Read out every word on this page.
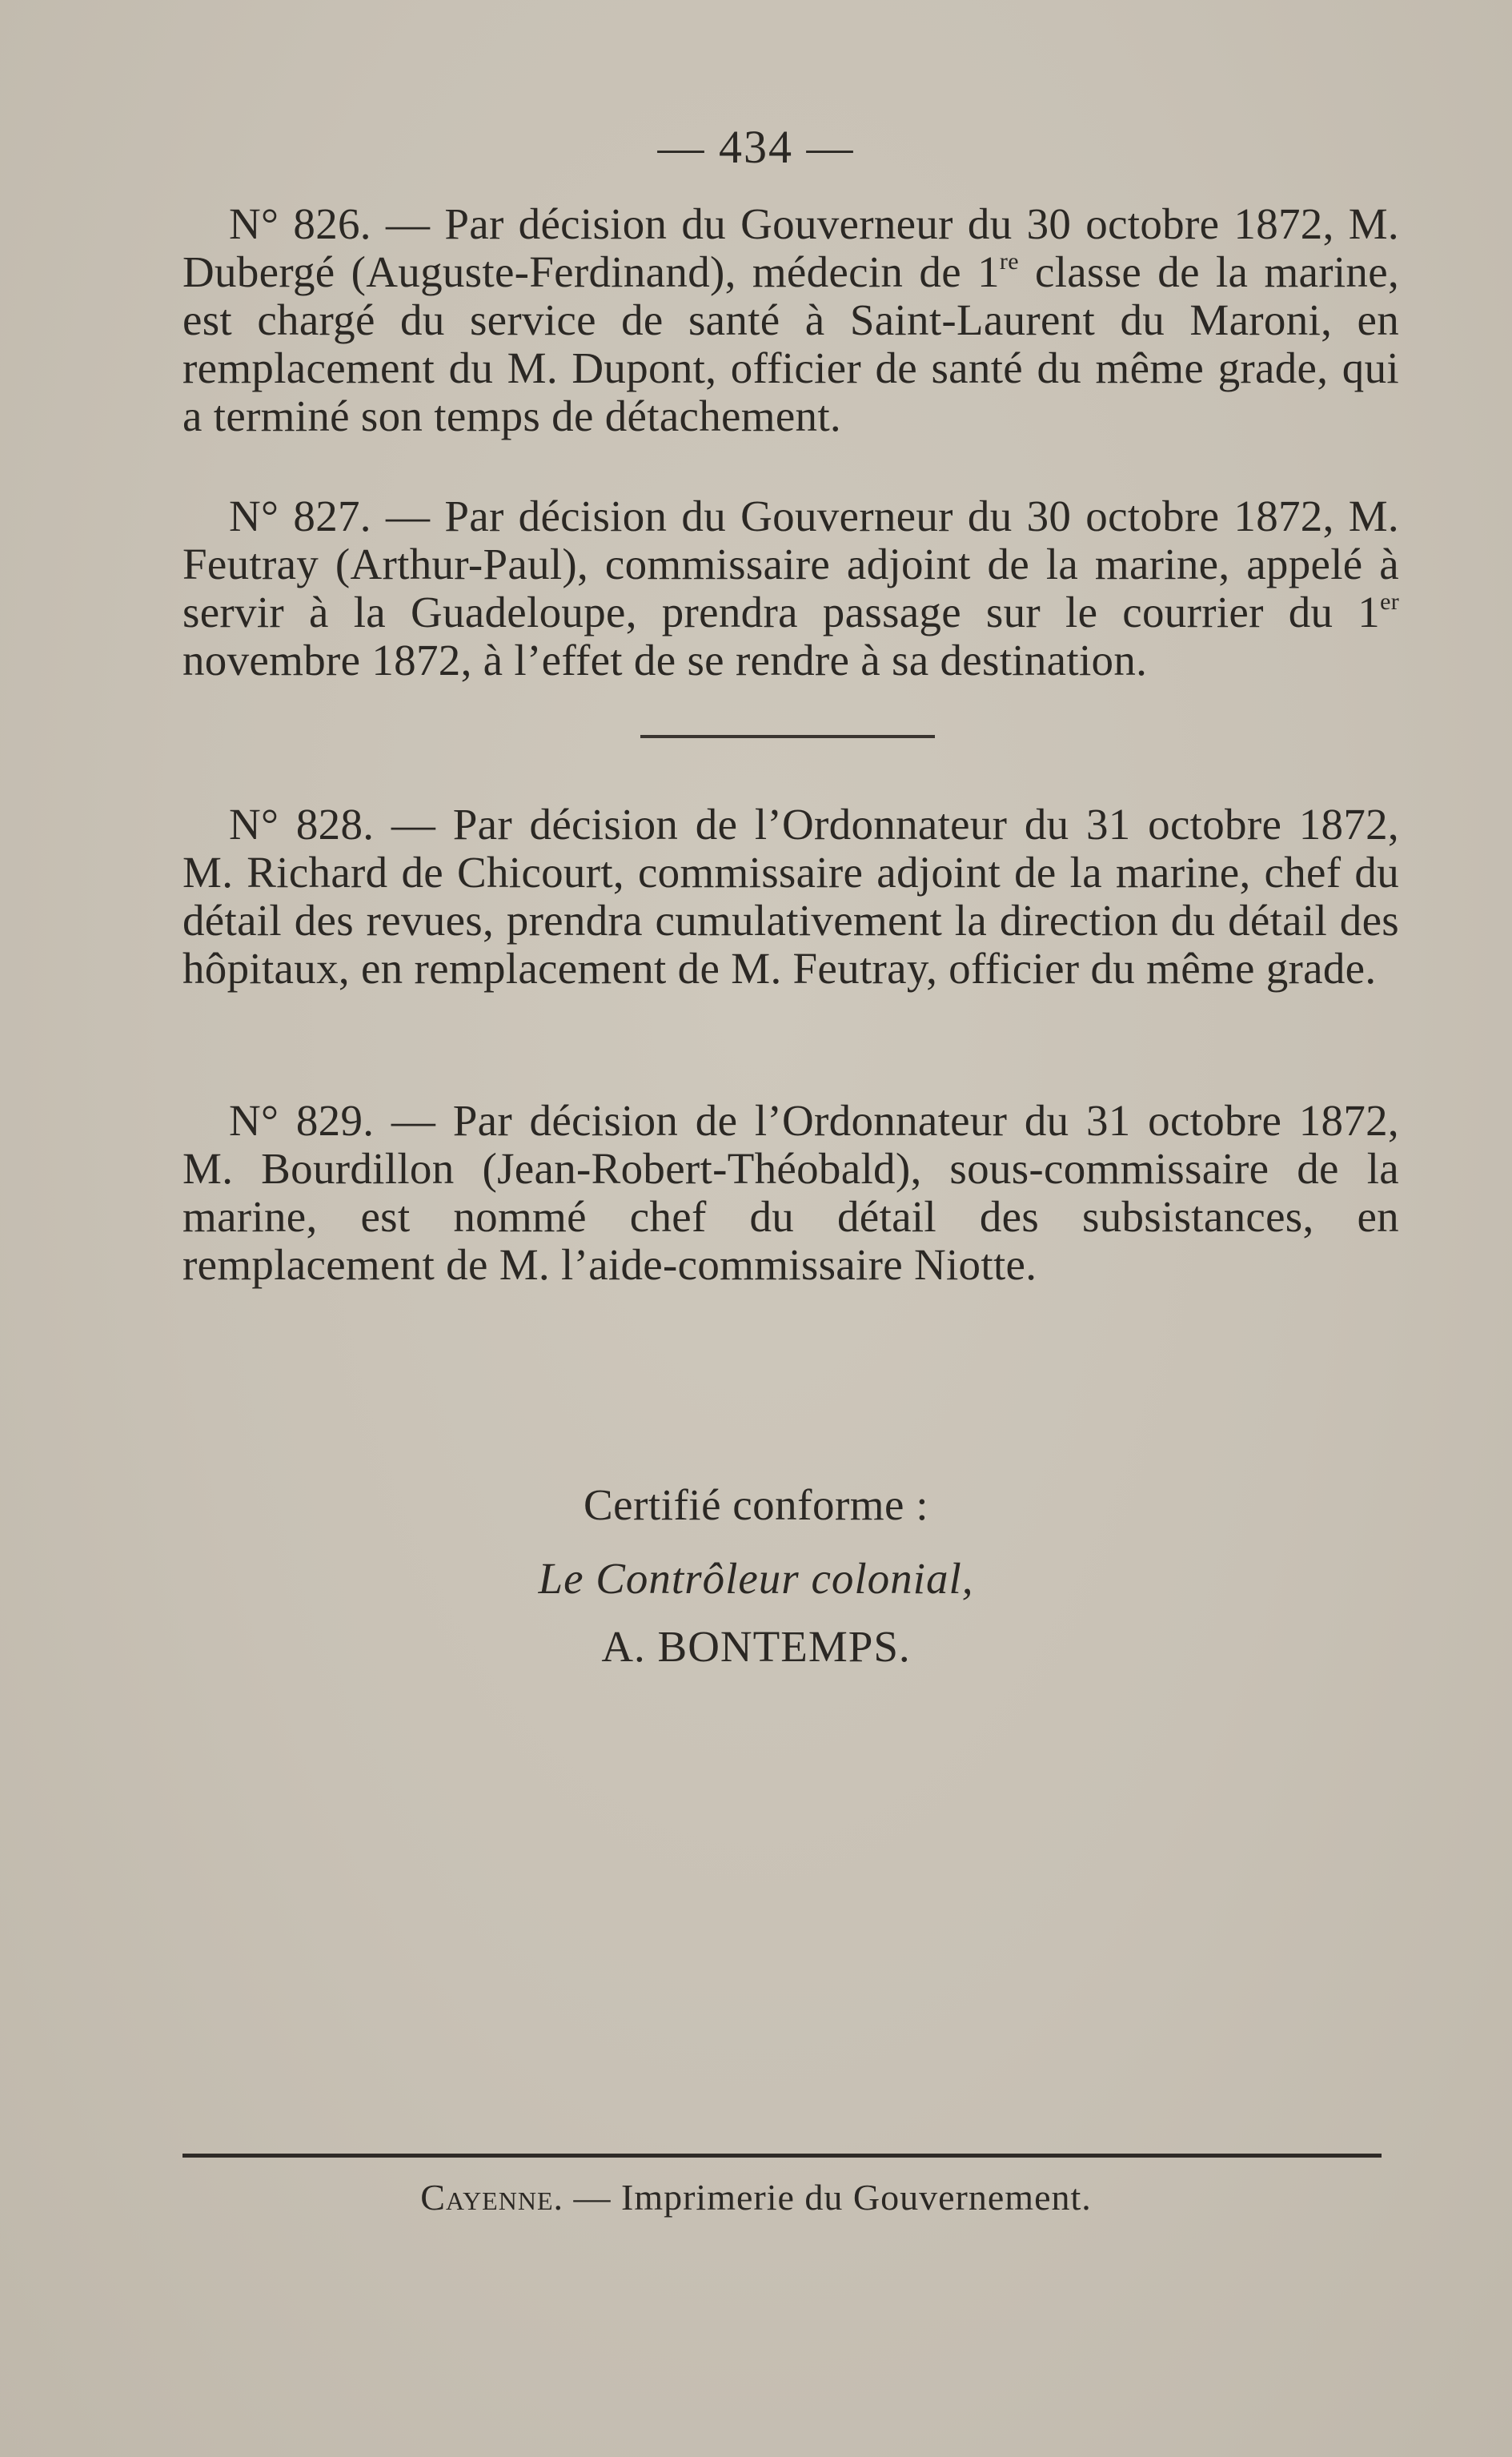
— 434 —

N° 826. — Par décision du Gouverneur du 30 octobre 1872, M. Dubergé (Auguste-Ferdinand), médecin de 1re classe de la marine, est chargé du service de santé à Saint-Laurent du Maroni, en remplacement du M. Dupont, officier de santé du même grade, qui a terminé son temps de détachement.

N° 827. — Par décision du Gouverneur du 30 octobre 1872, M. Feutray (Arthur-Paul), commissaire adjoint de la marine, appelé à servir à la Guadeloupe, prendra passage sur le courrier du 1er novembre 1872, à l’effet de se rendre à sa destination.

N° 828. — Par décision de l’Ordonnateur du 31 octobre 1872, M. Richard de Chicourt, commissaire adjoint de la marine, chef du détail des revues, prendra cumulativement la direction du détail des hôpitaux, en remplacement de M. Feutray, officier du même grade.

N° 829. — Par décision de l’Ordonnateur du 31 octobre 1872, M. Bourdillon (Jean-Robert-Théobald), sous-commissaire de la marine, est nommé chef du détail des subsistances, en remplacement de M. l’aide-commissaire Niotte.

Certifié conforme :
Le Contrôleur colonial,
A. BONTEMPS.
Cayenne. — Imprimerie du Gouvernement.
